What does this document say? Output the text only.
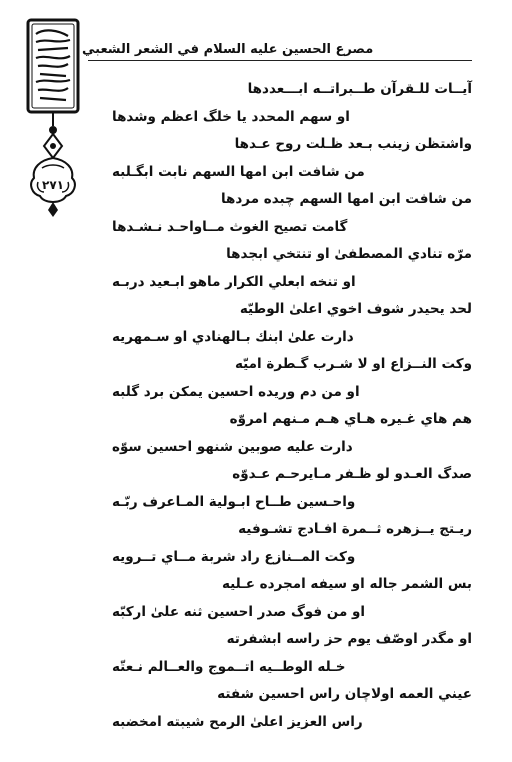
٢٧١
مصرع الحسين عليه السلام في الشعر الشعبي
آيــات للـقرآن طــبراتــه ابـــعددها
او سهم المحدد يا خلگ اعظم وشدها
واشتظن زينب بـعد ظـلت روح عـدها
من شافت ابن امها السهم نابت ابگـلبه
من شافت ابن امها السهم چبده مردها
گامت تصيح الغوث مــاواحـد نـشـدها
مرّه تنادي المصطفىٰ او تنتخي ابجدها
او تنخه ابعلي الكرار ماهو ابـعيد دربـه
لحد يحيدر شوف اخوي اعلىٰ الوطيّه
دارت علىٰ ابنك بـالهنادي او سـمهريه
وكت النــزاع او لا شـرب گـطرة اميّه
او من دم وريده احسين يمكن برد گلبه
هم هاي غـيره هـاي هـم مـنهم امروّه
دارت عليه صوبين شنهو احسين سوّه
صدگ العـدو لو ظـفر مـايرحـم عـدوّه
واحـسين طــاح ابـولية المـاعرف ربّـه
ريـتج يــزهره ثــمرة افـادج تشـوفيه
وكت المــنازع راد شربة مــاي تــرويه
بس الشمر جاله او سيفه امجرده عـليه
او من فوگ صدر احسين ثنه علىٰ اركبّه
او مگدر اوصّف يوم حز راسه ابشفرته
خـله الوطــيه اتــموج والعــالم نـعتّه
عيني العمه اولاچان راس احسين شفته
راس العزيز اعلىٰ الرمح شيبته امخضبه
